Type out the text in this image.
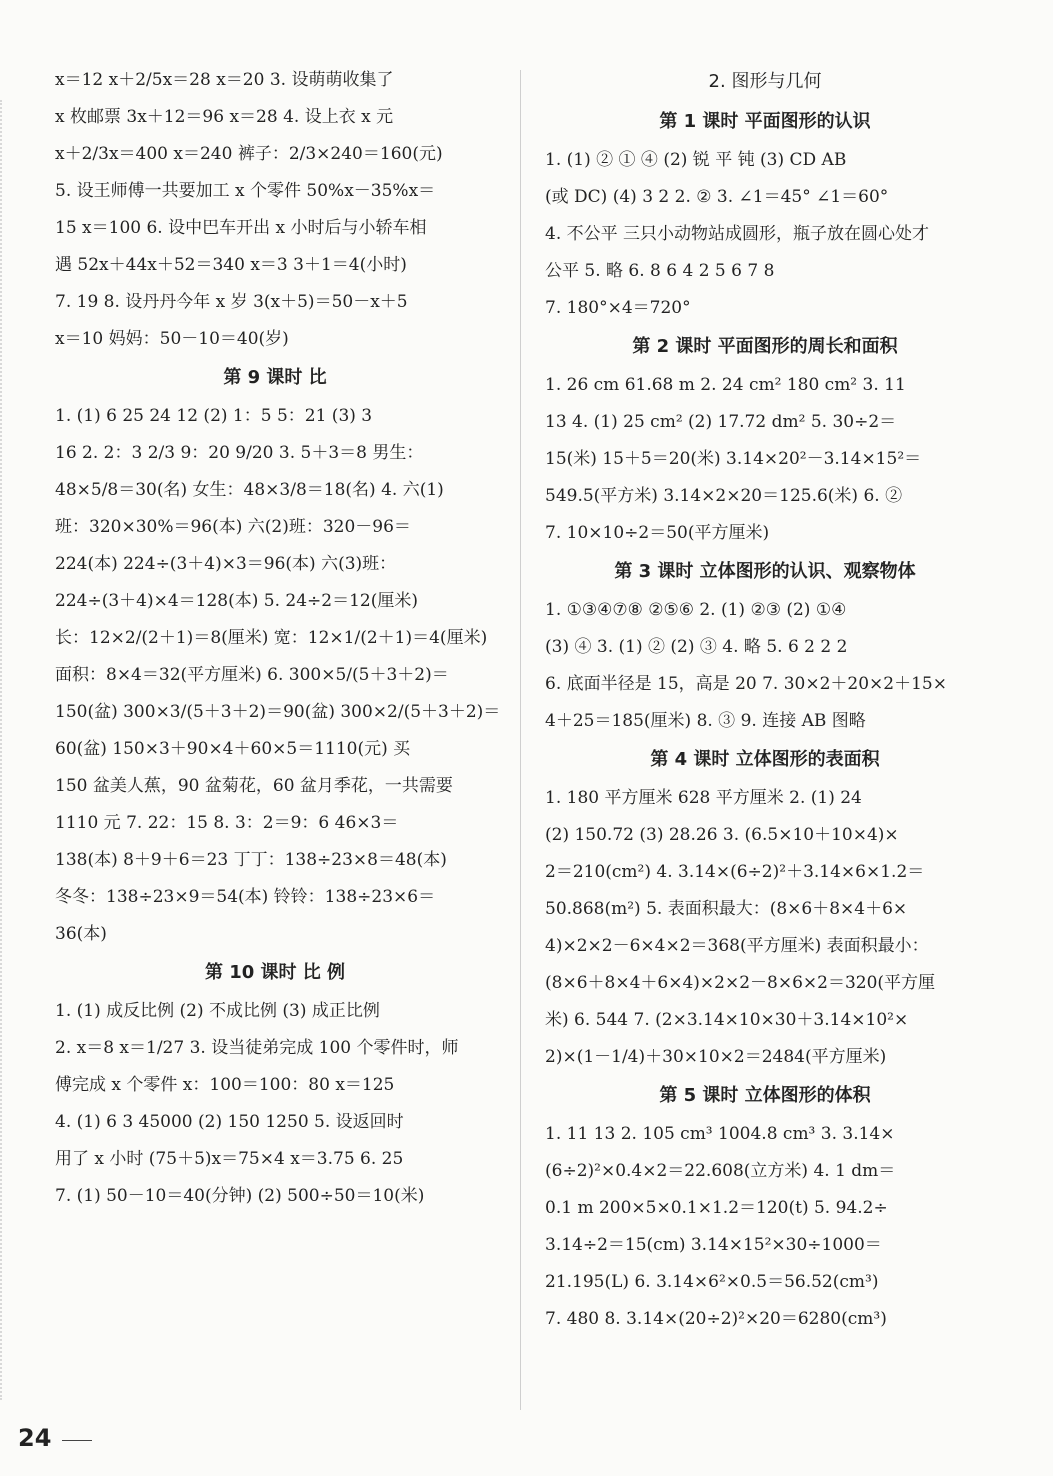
x＝12 x＋2/5x＝28 x＝20 3. 设萌萌收集了
x 枚邮票 3x＋12＝96 x＝28 4. 设上衣 x 元
x＋2/3x＝400 x＝240 裤子：2/3×240＝160(元)
5. 设王师傅一共要加工 x 个零件 50%x－35%x＝
15 x＝100 6. 设中巴车开出 x 小时后与小轿车相
遇 52x＋44x＋52＝340 x＝3 3＋1＝4(小时)
7. 19 8. 设丹丹今年 x 岁 3(x＋5)＝50－x＋5
x＝10 妈妈：50－10＝40(岁)
第 9 课时 比
1. (1) 6 25 24 12 (2) 1：5 5：21 (3) 3
16 2. 2：3 2/3 9：20 9/20 3. 5＋3＝8 男生：
48×5/8＝30(名) 女生：48×3/8＝18(名) 4. 六(1)
班：320×30%＝96(本) 六(2)班：320－96＝
224(本) 224÷(3＋4)×3＝96(本) 六(3)班：
224÷(3＋4)×4＝128(本) 5. 24÷2＝12(厘米)
长：12×2/(2＋1)＝8(厘米) 宽：12×1/(2＋1)＝4(厘米)
面积：8×4＝32(平方厘米) 6. 300×5/(5＋3＋2)＝
150(盆) 300×3/(5＋3＋2)＝90(盆) 300×2/(5＋3＋2)＝
60(盆) 150×3＋90×4＋60×5＝1110(元) 买
150 盆美人蕉，90 盆菊花，60 盆月季花，一共需要
1110 元 7. 22：15 8. 3：2＝9：6 46×3＝
138(本) 8＋9＋6＝23 丁丁：138÷23×8＝48(本)
冬冬：138÷23×9＝54(本) 铃铃：138÷23×6＝
36(本)
第 10 课时 比 例
1. (1) 成反比例 (2) 不成比例 (3) 成正比例
2. x＝8 x＝1/27 3. 设当徒弟完成 100 个零件时，师
傅完成 x 个零件 x：100＝100：80 x＝125
4. (1) 6 3 45000 (2) 150 1250 5. 设返回时
用了 x 小时 (75＋5)x＝75×4 x＝3.75 6. 25
7. (1) 50－10＝40(分钟) (2) 500÷50＝10(米)
2. 图形与几何
第 1 课时 平面图形的认识
1. (1) ② ① ④ (2) 锐 平 钝 (3) CD AB
(或 DC) (4) 3 2 2. ② 3. ∠1＝45° ∠1＝60°
4. 不公平 三只小动物站成圆形，瓶子放在圆心处才
公平 5. 略 6. 8 6 4 2 5 6 7 8
7. 180°×4＝720°
第 2 课时 平面图形的周长和面积
1. 26 cm 61.68 m 2. 24 cm² 180 cm² 3. 11
13 4. (1) 25 cm² (2) 17.72 dm² 5. 30÷2＝
15(米) 15＋5＝20(米) 3.14×20²－3.14×15²＝
549.5(平方米) 3.14×2×20＝125.6(米) 6. ②
7. 10×10÷2＝50(平方厘米)
第 3 课时 立体图形的认识、观察物体
1. ①③④⑦⑧ ②⑤⑥ 2. (1) ②③ (2) ①④
(3) ④ 3. (1) ② (2) ③ 4. 略 5. 6 2 2 2
6. 底面半径是 15，高是 20 7. 30×2＋20×2＋15×
4＋25＝185(厘米) 8. ③ 9. 连接 AB 图略
第 4 课时 立体图形的表面积
1. 180 平方厘米 628 平方厘米 2. (1) 24
(2) 150.72 (3) 28.26 3. (6.5×10＋10×4)×
2＝210(cm²) 4. 3.14×(6÷2)²＋3.14×6×1.2＝
50.868(m²) 5. 表面积最大：(8×6＋8×4＋6×
4)×2×2－6×4×2＝368(平方厘米) 表面积最小：
(8×6＋8×4＋6×4)×2×2－8×6×2＝320(平方厘
米) 6. 544 7. (2×3.14×10×30＋3.14×10²×
2)×(1－1/4)＋30×10×2＝2484(平方厘米)
第 5 课时 立体图形的体积
1. 11 13 2. 105 cm³ 1004.8 cm³ 3. 3.14×
(6÷2)²×0.4×2＝22.608(立方米) 4. 1 dm＝
0.1 m 200×5×0.1×1.2＝120(t) 5. 94.2÷
3.14÷2＝15(cm) 3.14×15²×30÷1000＝
21.195(L) 6. 3.14×6²×0.5＝56.52(cm³)
7. 480 8. 3.14×(20÷2)²×20＝6280(cm³)
24
